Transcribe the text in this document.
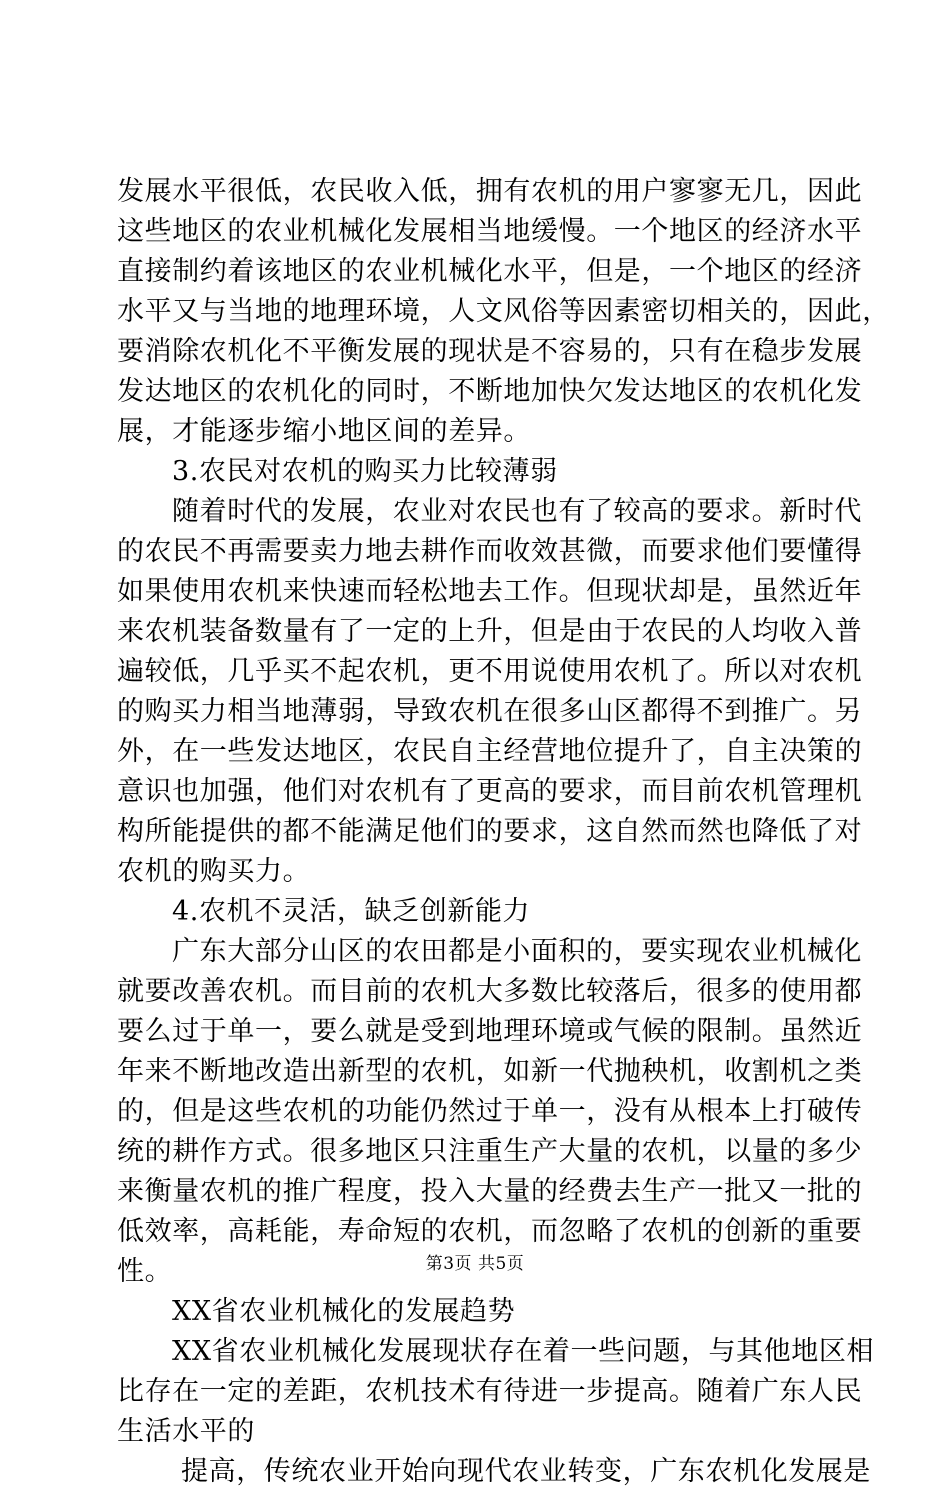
发展水平很低，农民收入低，拥有农机的用户寥寥无几，因此
这些地区的农业机械化发展相当地缓慢。一个地区的经济水平
直接制约着该地区的农业机械化水平，但是，一个地区的经济
水平又与当地的地理环境，人文风俗等因素密切相关的，因此，
要消除农机化不平衡发展的现状是不容易的，只有在稳步发展
发达地区的农机化的同时，不断地加快欠发达地区的农机化发
展，才能逐步缩小地区间的差异。
3.农民对农机的购买力比较薄弱
随着时代的发展，农业对农民也有了较高的要求。新时代
的农民不再需要卖力地去耕作而收效甚微，而要求他们要懂得
如果使用农机来快速而轻松地去工作。但现状却是，虽然近年
来农机装备数量有了一定的上升，但是由于农民的人均收入普
遍较低，几乎买不起农机，更不用说使用农机了。所以对农机
的购买力相当地薄弱，导致农机在很多山区都得不到推广。另
外，在一些发达地区，农民自主经营地位提升了，自主决策的
意识也加强，他们对农机有了更高的要求，而目前农机管理机
构所能提供的都不能满足他们的要求，这自然而然也降低了对
农机的购买力。
4.农机不灵活，缺乏创新能力
广东大部分山区的农田都是小面积的，要实现农业机械化
就要改善农机。而目前的农机大多数比较落后，很多的使用都
要么过于单一，要么就是受到地理环境或气候的限制。虽然近
年来不断地改造出新型的农机，如新一代抛秧机，收割机之类
的，但是这些农机的功能仍然过于单一，没有从根本上打破传
统的耕作方式。很多地区只注重生产大量的农机，以量的多少
来衡量农机的推广程度，投入大量的经费去生产一批又一批的
低效率，高耗能，寿命短的农机，而忽略了农机的创新的重要
性。
XX省农业机械化的发展趋势
XX省农业机械化发展现状存在着一些问题，与其他地区相
比存在一定的差距，农机技术有待进一步提高。随着广东人民
生活水平的
提高，传统农业开始向现代农业转变，广东农机化发展是
第3页 共5页
